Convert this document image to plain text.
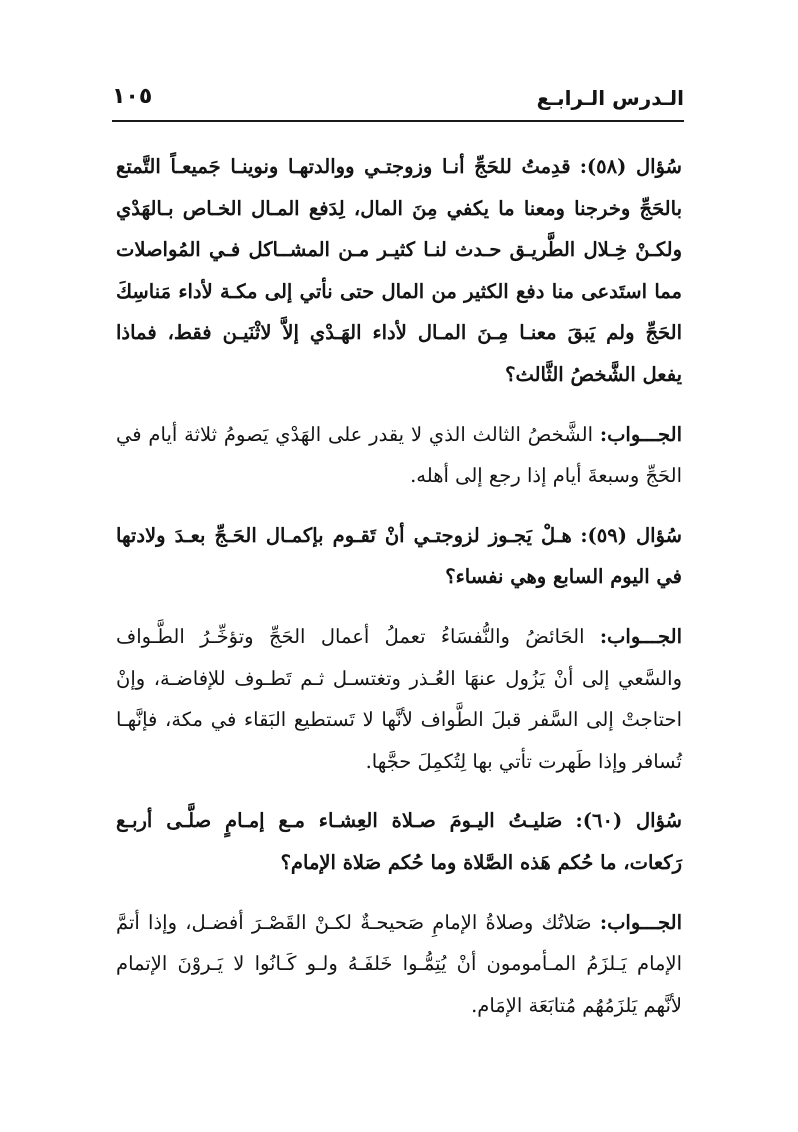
الـدرس الـرابـع
١٠٥

سُؤال (٥٨): قدِمتُ للحَجِّ أنـا وزوجتـي ووالدتهـا ونوينـا جَميعـاً التَّمتع بالحَجِّ وخرجنا ومعنا ما يكفي مِنَ المال، لِدَفع المـال الخـاص بـالهَدْي ولكـنْ خِـلال الطَّريـق حـدث لنـا كثيـر مـن المشــاكل فـي المُواصلات مما استَدعى منا دفع الكثير من المال حتى نأتي إلى مكـة لأداء مَناسِكَ الحَجِّ ولم يَبقَ معنـا مِـنَ المـال لأداء الهَـدْي إلاَّ لاثْنَيـن فقط، فماذا يفعل الشَّخصُ الثَّالث؟

الجـــواب: الشَّخصُ الثالث الذي لا يقدر على الهَدْي يَصومُ ثلاثة أيام في الحَجِّ وسبعةَ أيام إذا رجع إلى أهله.

سُؤال (٥٩): هـلْ يَجـوز لزوجتـي أنْ تَقـوم بإكمـال الحَـجِّ بعـدَ ولادتها في اليوم السابع وهي نفساء؟

الجـــواب: الحَائضُ والنُّفسَاءُ تعملُ أعمال الحَجِّ وتؤخِّـرُ الطَّـواف والسَّعي إلى أنْ يَزُول عنهَا العُـذر وتغتسـل ثـم تَطـوف للإفاضـة، وإنْ احتاجتْ إلى السَّفر قبلَ الطَّواف لأنَّها لا تَستطيع البَقاء في مكة، فإنَّهـا تُسافر وإذا طَهرت تأتي بها لِتُكمِلَ حجَّها.

سُؤال (٦٠): صَليـتُ اليـومَ صـلاة العِشـاء مـع إمـامٍ صلَّـى أربـع رَكعات، ما حُكم هَذه الصَّلاة وما حُكم صَلاة الإمام؟

الجـــواب: صَلاتُك وصلاةُ الإمامِ صَحيحـةٌ لكـنْ القَصْـرَ أفضـل، وإذا أتمَّ الإمام يَـلزَمُ المـأمومون أنْ يُتِمُّـوا خَلفَـهُ ولـو كَـانُوا لا يَـروْنَ الإتمام لأنَّهم يَلزَمُهُم مُتابَعَة الإمَام.
